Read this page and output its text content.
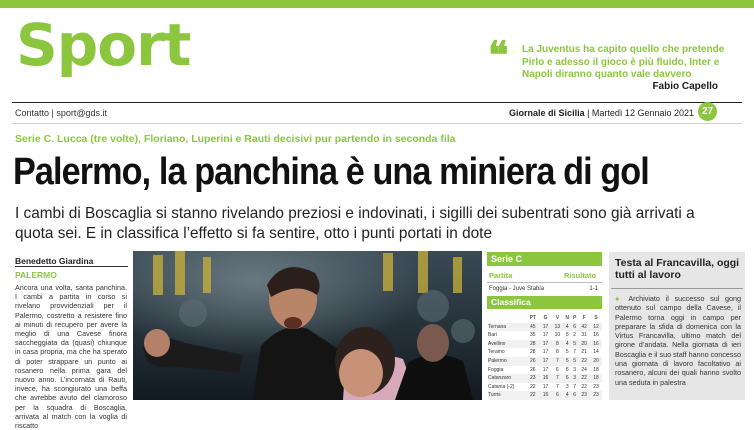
Sport	❝ La Juventus ha capito quello che pretende Pirlo e adesso il gioco è più fluido, Inter e Napoli diranno quanto vale davvero
Fabio Capello
Contatto | sport@gds.it	Giornale di Sicilia | Martedì 12 Gennaio 2021 27
Serie C. Lucca (tre volte), Floriano, Luperini e Rauti decisivi pur partendo in seconda fila
Palermo, la panchina è una miniera di gol
I cambi di Boscaglia si stanno rivelando preziosi e indovinati, i sigilli dei subentrati sono già arrivati a quota sei. E in classifica l’effetto si fa sentire, otto i punti portati in dote
Benedetto Giardina
PALERMO
Ancora una volta, santa panchina. I cambi a partita in corso si rivelano provvidenziali per il Palermo, costretto a resistere fino ai minuti di recupero per avere la meglio di una Cavese finora saccheggiata da (quasi) chiunque in casa propria, ma che ha sperato di poter strappare un punto ai rosanero nella prima gara del nuovo anno. L’incornata di Rauti, invece, ha scongiurato una beffa che avrebbe avuto del clamoroso per la squadra di Boscaglia, arrivata al match con la voglia di riscatto
Serie C
Partita	Risultato
Foggia - Juve Stabia	1-1
Classifica
	PT	G	V	N	P	F	S
Ternana	45	17	13	4	6	42	12
Bari	35	17	10	5	2	31	16
Avellino	28	17	8	4	5	20	16
Teramo	28	17	8	5	7	21	14
Palermo	26	17	7	5	5	22	20
Foggia	26	17	6	8	3	24	18
Catanzaro	23	16	7	6	3	22	18
Catania (-2)	22	17	7	3	7	22	23
Turris	22	16	6	4	6	23	23
Testa al Francavilla, oggi tutti al lavoro
● Archiviato il successo sul gong ottenuto sul campo della Cavese, il Palermo torna oggi in campo per preparare la sfida di domenica con la Virtus Francavilla, ultimo match del girone d’andata. Nella giornata di ieri Boscaglia e il suo staff hanno concesso una giornata di lavoro facoltativo ai rosanero, alcuni dei quali hanno svolto una seduta in palestra
